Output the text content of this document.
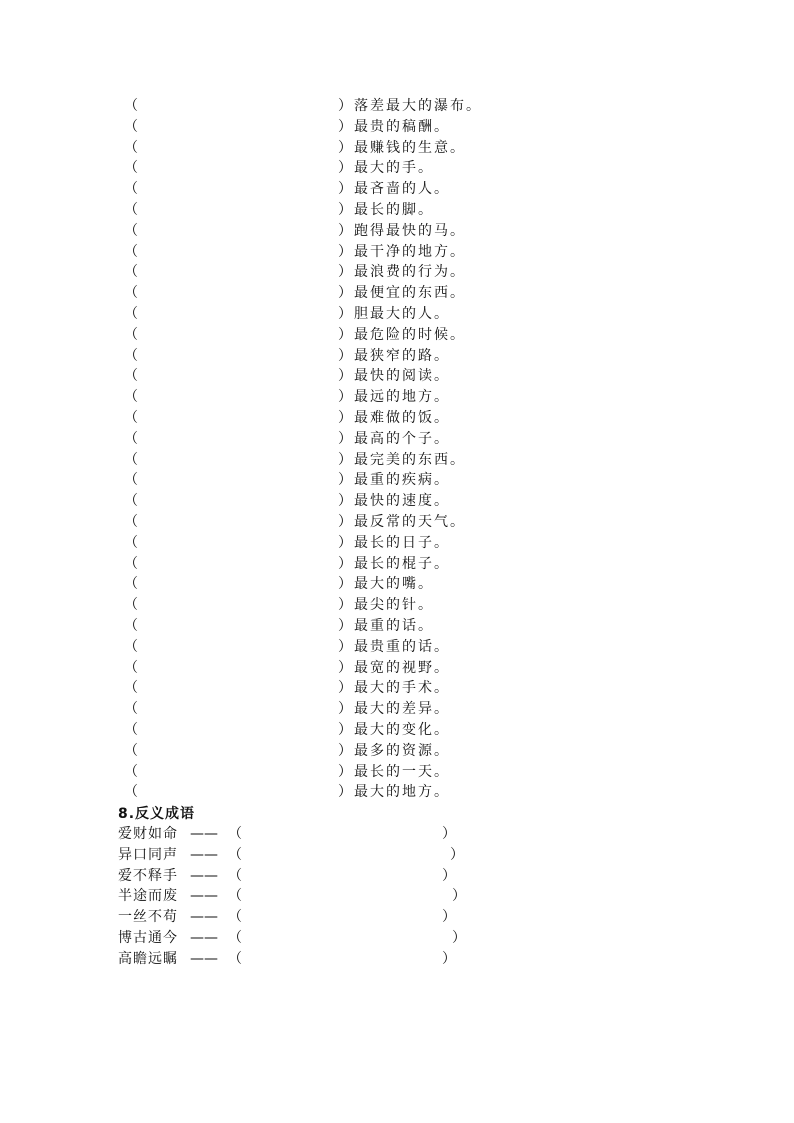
（	） 落差最大的瀑布。
（	） 最贵的稿酬。
（	） 最赚钱的生意。
（	） 最大的手。
（	） 最吝啬的人。
（	） 最长的脚。
（	） 跑得最快的马。
（	） 最干净的地方。
（	） 最浪费的行为。
（	） 最便宜的东西。
（	） 胆最大的人。
（	） 最危险的时候。
（	） 最狭窄的路。
（	） 最快的阅读。
（	） 最远的地方。
（	） 最难做的饭。
（	） 最高的个子。
（	） 最完美的东西。
（	） 最重的疾病。
（	） 最快的速度。
（	） 最反常的天气。
（	） 最长的日子。
（	） 最长的棍子。
（	） 最大的嘴。
（	） 最尖的针。
（	） 最重的话。
（	） 最贵重的话。
（	） 最宽的视野。
（	） 最大的手术。
（	） 最大的差异。
（	） 最大的变化。
（	） 最多的资源。
（	） 最长的一天。
（	） 最大的地方。
8.反义成语
爱财如命 —— （	）
异口同声 —— （	）
爱不释手 —— （	）
半途而废 —— （	）
一丝不苟 —— （	）
博古通今 —— （	）
高瞻远瞩 —— （	）
